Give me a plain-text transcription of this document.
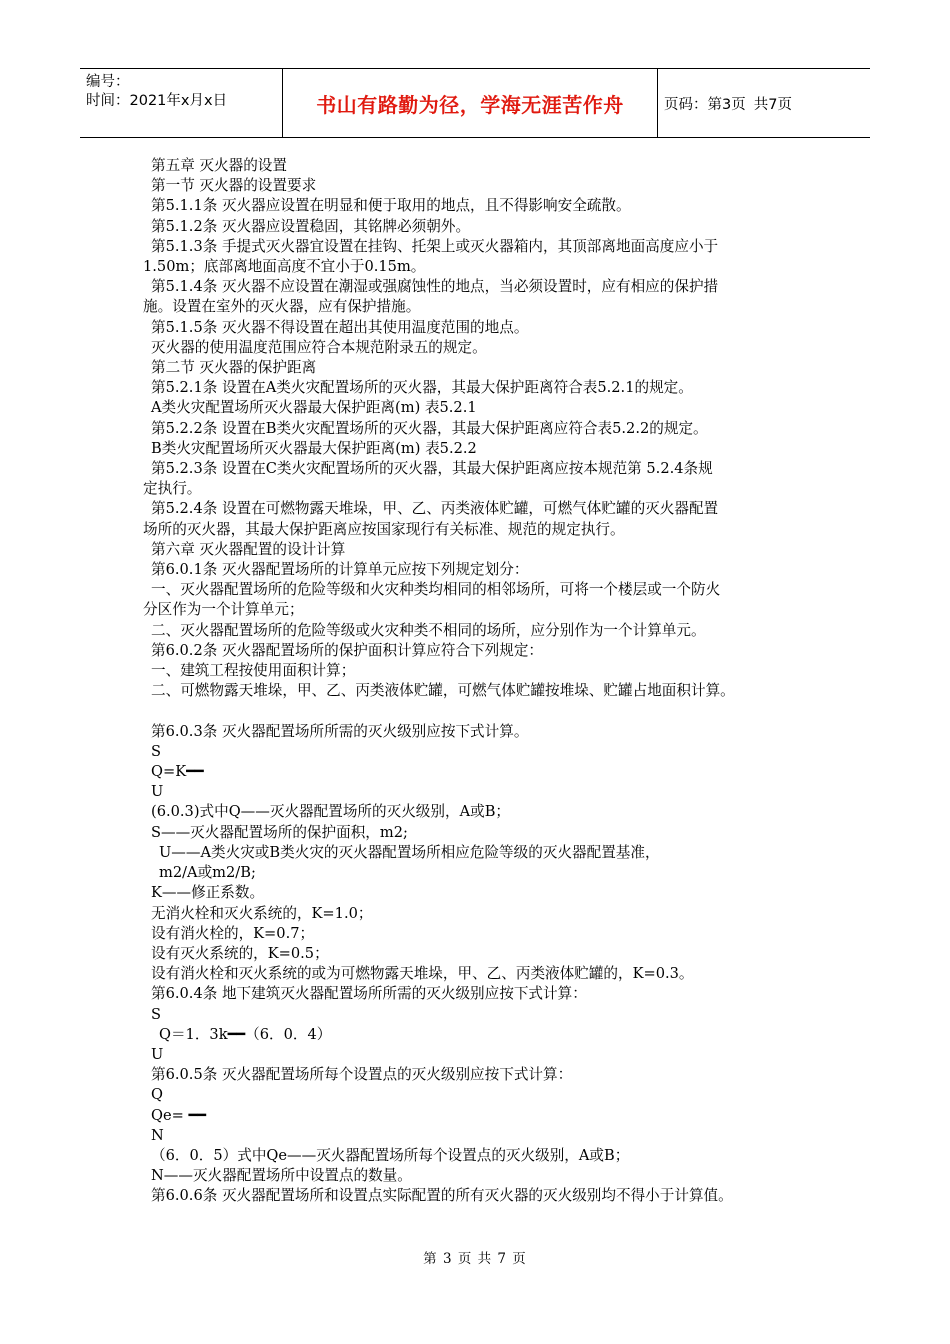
编号：
时间：2021年x月x日	书山有路勤为径，学海无涯苦作舟	页码：第3页 共7页

第五章 灭火器的设置

第一节 灭火器的设置要求

第5.1.1条 灭火器应设置在明显和便于取用的地点，且不得影响安全疏散。

第5.1.2条 灭火器应设置稳固，其铭牌必须朝外。

第5.1.3条 手提式灭火器宜设置在挂钩、托架上或灭火器箱内，其顶部离地面高度应小于

1.50m；底部离地面高度不宜小于0.15m。

第5.1.4条 灭火器不应设置在潮湿或强腐蚀性的地点，当必须设置时，应有相应的保护措

施。设置在室外的灭火器，应有保护措施。

第5.1.5条 灭火器不得设置在超出其使用温度范围的地点。

灭火器的使用温度范围应符合本规范附录五的规定。

第二节 灭火器的保护距离

第5.2.1条 设置在A类火灾配置场所的灭火器，其最大保护距离符合表5.2.1的规定。

A类火灾配置场所灭火器最大保护距离(m) 表5.2.1

第5.2.2条 设置在B类火灾配置场所的灭火器，其最大保护距离应符合表5.2.2的规定。

B类火灾配置场所灭火器最大保护距离(m) 表5.2.2

第5.2.3条 设置在C类火灾配置场所的灭火器，其最大保护距离应按本规范第 5.2.4条规

定执行。

第5.2.4条 设置在可燃物露天堆垛，甲、乙、丙类液体贮罐，可燃气体贮罐的灭火器配置

场所的灭火器，其最大保护距离应按国家现行有关标准、规范的规定执行。

第六章 灭火器配置的设计计算

第6.0.1条 灭火器配置场所的计算单元应按下列规定划分：

一、灭火器配置场所的危险等级和火灾种类均相同的相邻场所，可将一个楼层或一个防火

分区作为一个计算单元；

二、灭火器配置场所的危险等级或火灾种类不相同的场所，应分别作为一个计算单元。

第6.0.2条 灭火器配置场所的保护面积计算应符合下列规定：

一、建筑工程按使用面积计算；

二、可燃物露天堆垛，甲、乙、丙类液体贮罐，可燃气体贮罐按堆垛、贮罐占地面积计算。

第6.0.3条 灭火器配置场所所需的灭火级别应按下式计算。

S

Q=K━━

U

(6.0.3)式中Q——灭火器配置场所的灭火级别，A或B；

S——灭火器配置场所的保护面积，m2;

U——A类火灾或B类火灾的灭火器配置场所相应危险等级的灭火器配置基准，

m2/A或m2/B;

K——修正系数。

无消火栓和灭火系统的，K=1.0；

设有消火栓的，K=0.7；

设有灭火系统的，K=0.5；

设有消火栓和灭火系统的或为可燃物露天堆垛，甲、乙、丙类液体贮罐的，K=0.3。

第6.0.4条 地下建筑灭火器配置场所所需的灭火级别应按下式计算：

S

Q＝1．3k━━（6．0．4）

U

第6.0.5条 灭火器配置场所每个设置点的灭火级别应按下式计算：

Q

Qe= ━━

N

（6．0．5）式中Qe——灭火器配置场所每个设置点的灭火级别，A或B；

N——灭火器配置场所中设置点的数量。

第6.0.6条 灭火器配置场所和设置点实际配置的所有灭火器的灭火级别均不得小于计算值。

第 3 页 共 7 页
